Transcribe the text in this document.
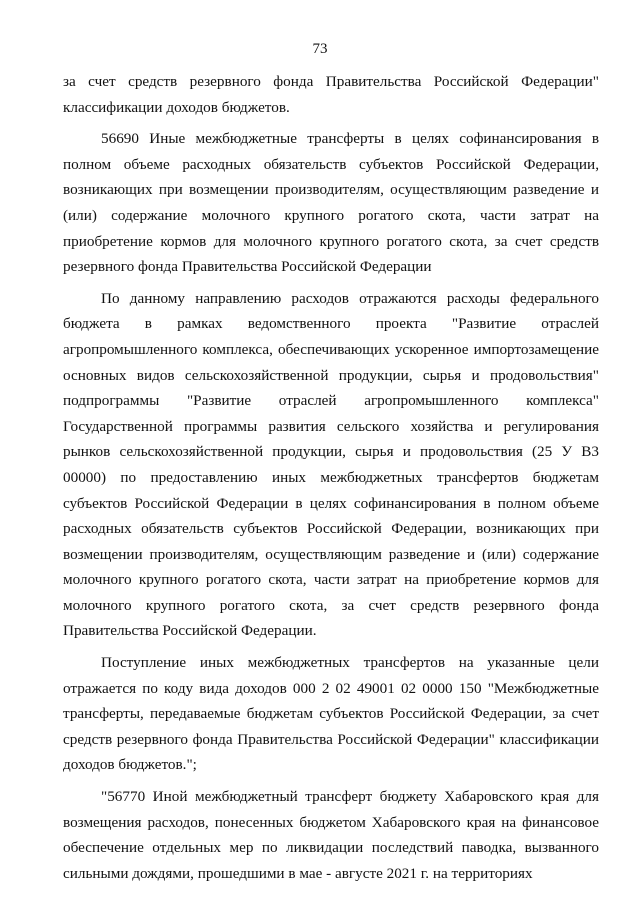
73

за счет средств резервного фонда Правительства Российской Федерации" классификации доходов бюджетов.

56690 Иные межбюджетные трансферты в целях софинансирования в полном объеме расходных обязательств субъектов Российской Федерации, возникающих при возмещении производителям, осуществляющим разведение и (или) содержание молочного крупного рогатого скота, части затрат на приобретение кормов для молочного крупного рогатого скота, за счет средств резервного фонда Правительства Российской Федерации

По данному направлению расходов отражаются расходы федерального бюджета в рамках ведомственного проекта "Развитие отраслей агропромышленного комплекса, обеспечивающих ускоренное импортозамещение основных видов сельскохозяйственной продукции, сырья и продовольствия" подпрограммы "Развитие отраслей агропромышленного комплекса" Государственной программы развития сельского хозяйства и регулирования рынков сельскохозяйственной продукции, сырья и продовольствия (25 У В3 00000) по предоставлению иных межбюджетных трансфертов бюджетам субъектов Российской Федерации в целях софинансирования в полном объеме расходных обязательств субъектов Российской Федерации, возникающих при возмещении производителям, осуществляющим разведение и (или) содержание молочного крупного рогатого скота, части затрат на приобретение кормов для молочного крупного рогатого скота, за счет средств резервного фонда Правительства Российской Федерации.

Поступление иных межбюджетных трансфертов на указанные цели отражается по коду вида доходов 000 2 02 49001 02 0000 150 "Межбюджетные трансферты, передаваемые бюджетам субъектов Российской Федерации, за счет средств резервного фонда Правительства Российской Федерации" классификации доходов бюджетов.";

"56770 Иной межбюджетный трансферт бюджету Хабаровского края для возмещения расходов, понесенных бюджетом Хабаровского края на финансовое обеспечение отдельных мер по ликвидации последствий паводка, вызванного сильными дождями, прошедшими в мае - августе 2021 г. на территориях
